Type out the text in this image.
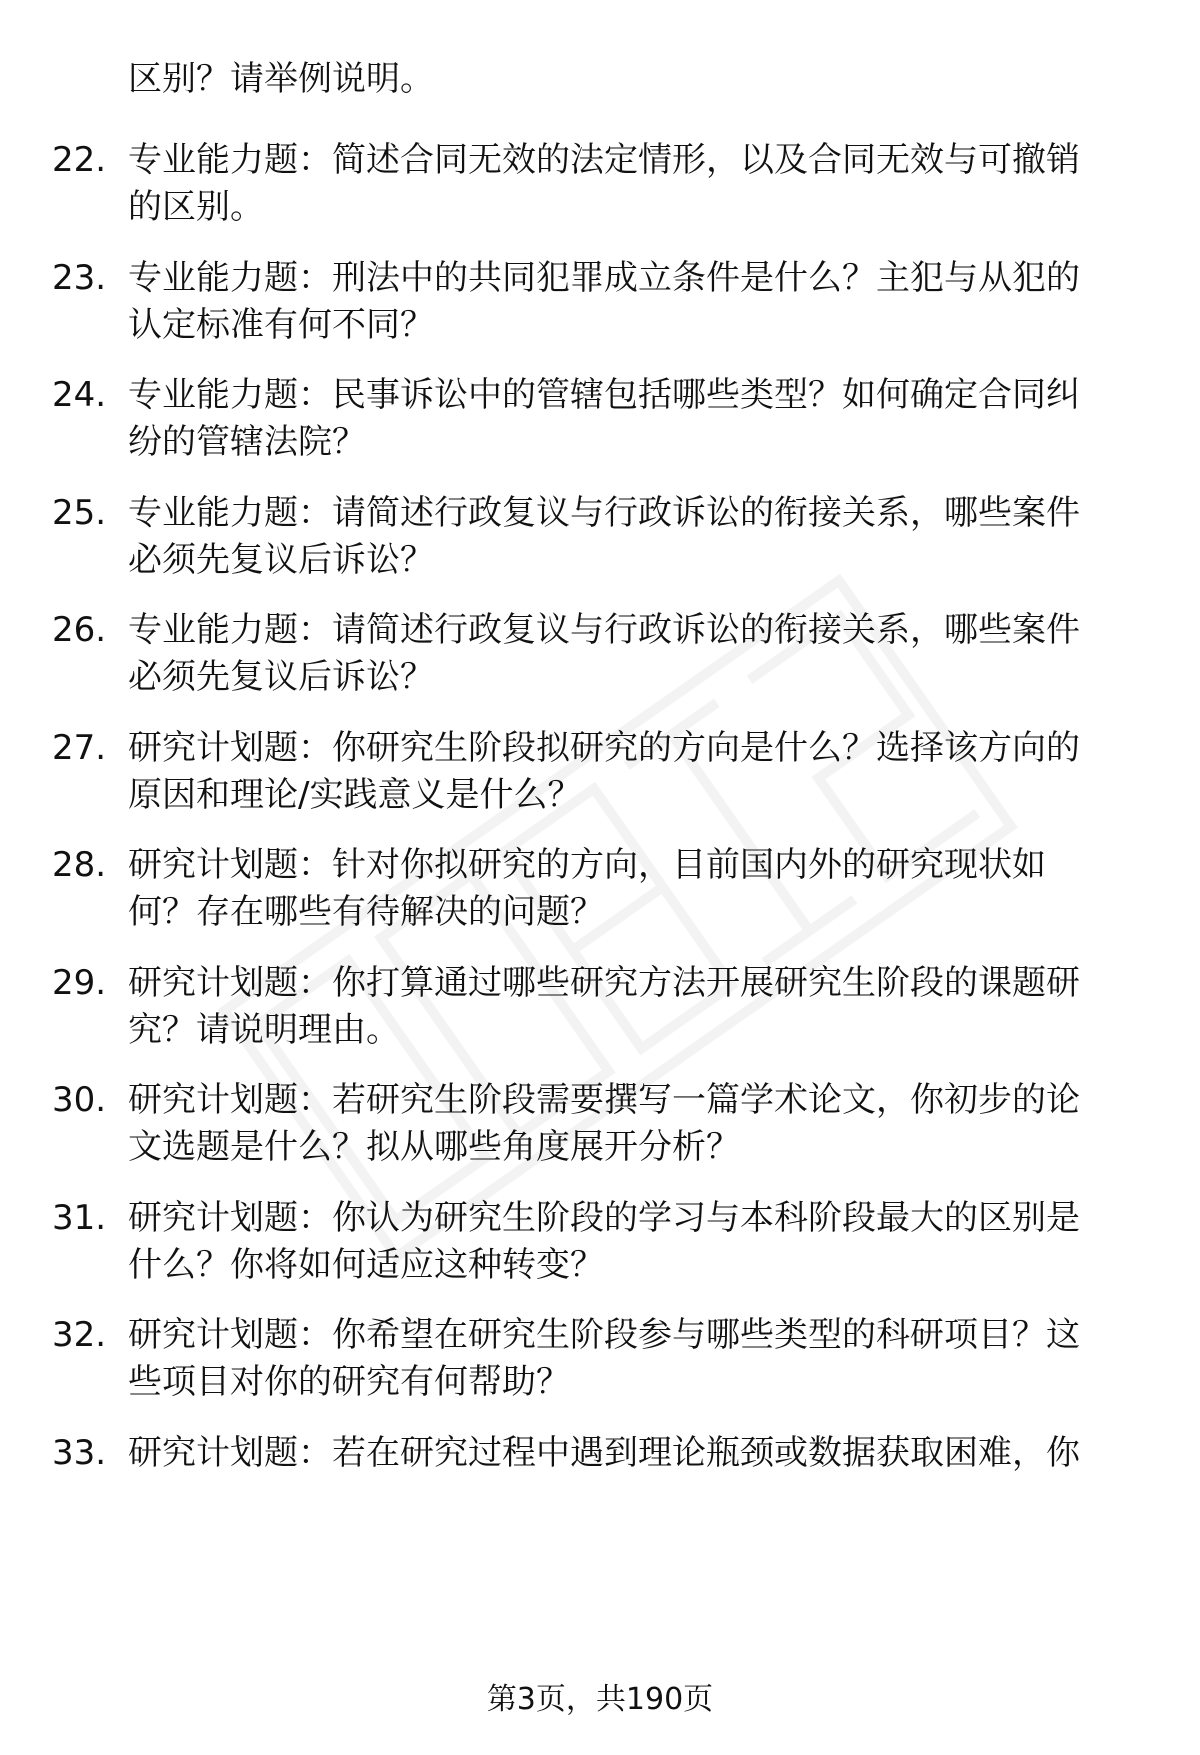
区别？请举例说明。
22. 专业能力题：简述合同无效的法定情形，以及合同无效与可撤销
的区别。
23. 专业能力题：刑法中的共同犯罪成立条件是什么？主犯与从犯的
认定标准有何不同？
24. 专业能力题：民事诉讼中的管辖包括哪些类型？如何确定合同纠
纷的管辖法院？
25. 专业能力题：请简述行政复议与行政诉讼的衔接关系，哪些案件
必须先复议后诉讼？
26. 专业能力题：请简述行政复议与行政诉讼的衔接关系，哪些案件
必须先复议后诉讼？
27. 研究计划题：你研究生阶段拟研究的方向是什么？选择该方向的
原因和理论/实践意义是什么？
28. 研究计划题：针对你拟研究的方向，目前国内外的研究现状如
何？存在哪些有待解决的问题？
29. 研究计划题：你打算通过哪些研究方法开展研究生阶段的课题研
究？请说明理由。
30. 研究计划题：若研究生阶段需要撰写一篇学术论文，你初步的论
文选题是什么？拟从哪些角度展开分析？
31. 研究计划题：你认为研究生阶段的学习与本科阶段最大的区别是
什么？你将如何适应这种转变？
32. 研究计划题：你希望在研究生阶段参与哪些类型的科研项目？这
些项目对你的研究有何帮助？
33. 研究计划题：若在研究过程中遇到理论瓶颈或数据获取困难，你
第3页，共190页
